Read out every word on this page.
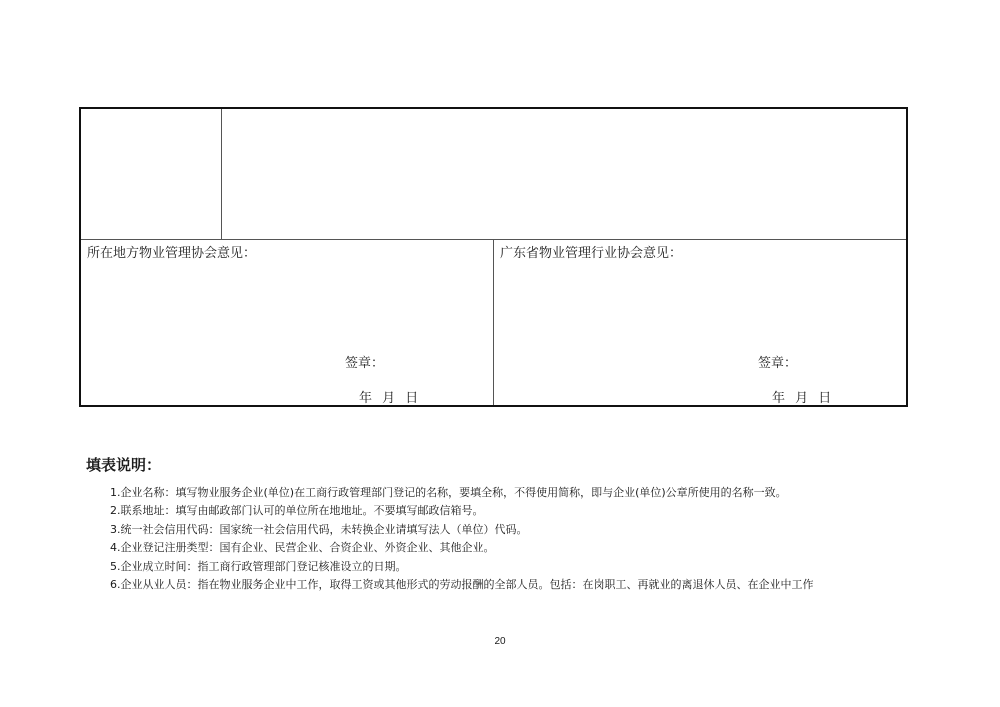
所在地方物业管理协会意见：
签章：
年 月 日
广东省物业管理行业协会意见：
签章：
年 月 日
填表说明：
1.企业名称：填写物业服务企业(单位)在工商行政管理部门登记的名称，要填全称，不得使用简称，即与企业(单位)公章所使用的名称一致。
2.联系地址：填写由邮政部门认可的单位所在地地址。不要填写邮政信箱号。
3.统一社会信用代码：国家统一社会信用代码，未转换企业请填写法人（单位）代码。
4.企业登记注册类型：国有企业、民营企业、合资企业、外资企业、其他企业。
5.企业成立时间：指工商行政管理部门登记核准设立的日期。
6.企业从业人员：指在物业服务企业中工作，取得工资或其他形式的劳动报酬的全部人员。包括：在岗职工、再就业的离退休人员、在企业中工作
20
